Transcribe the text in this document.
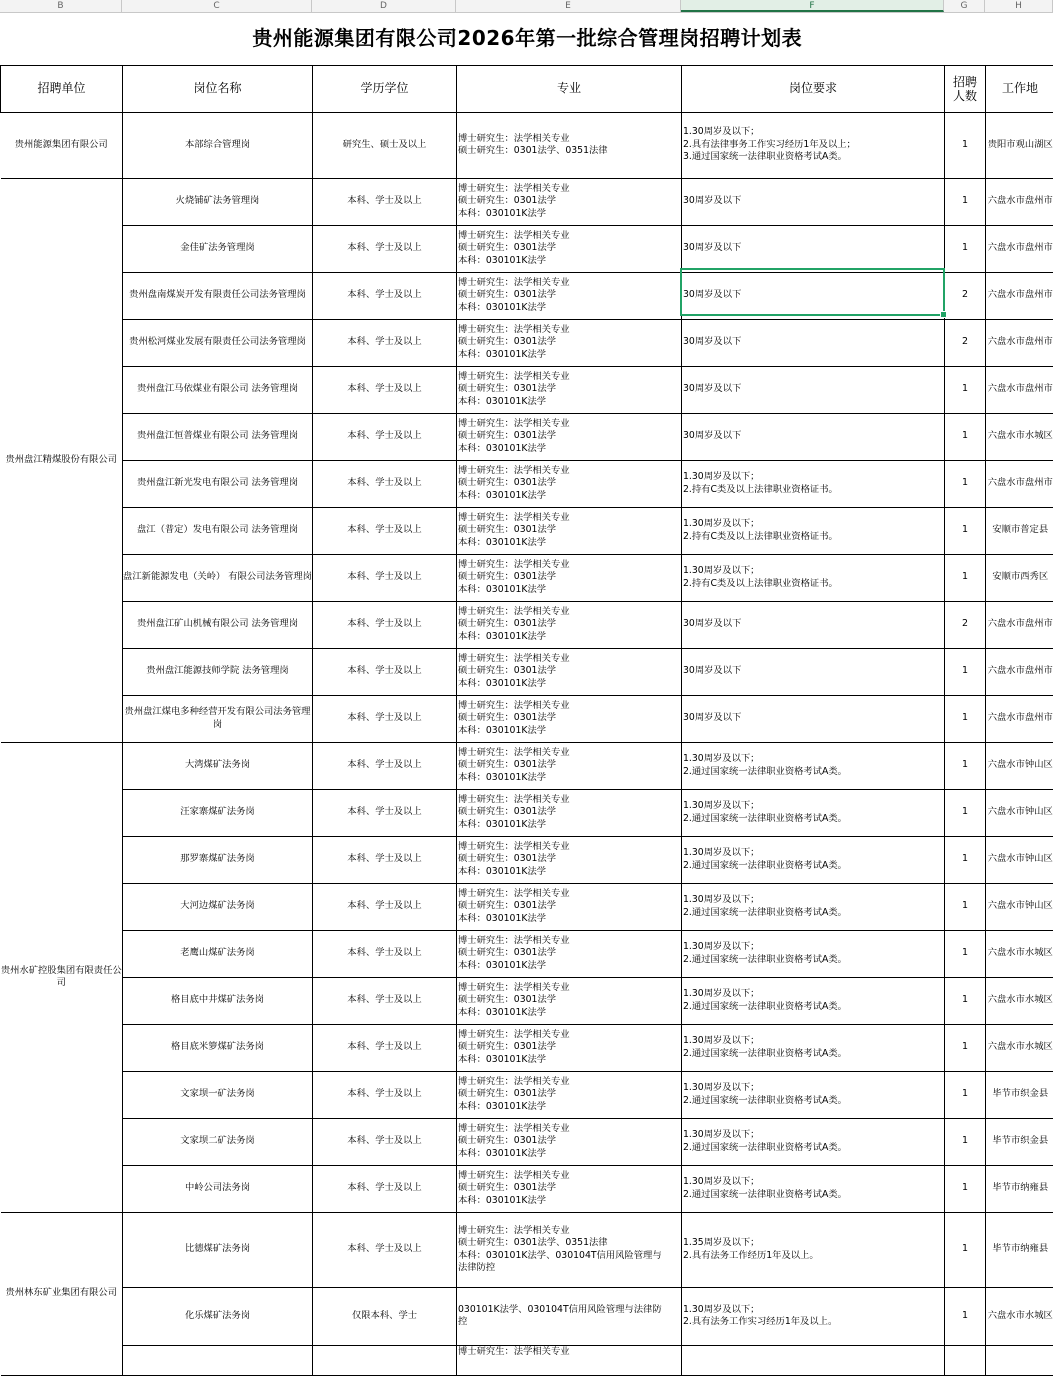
B	C	D	E	F	G	H
贵州能源集团有限公司2026年第一批综合管理岗招聘计划表						
招聘单位	岗位名称	学历学位	专业	岗位要求	招聘人数	工作地
贵州能源集团有限公司	本部综合管理岗	研究生、硕士及以上	博士研究生：法学相关专业
硕士研究生：0301法学、0351法律	1.30周岁及以下；
2.具有法律事务工作实习经历1年及以上；
3.通过国家统一法律职业资格考试A类。	1	贵阳市观山湖区
贵州盘江精煤股份有限公司	火烧铺矿法务管理岗	本科、学士及以上	博士研究生：法学相关专业
硕士研究生：0301法学
本科：030101K法学	30周岁及以下	1	六盘水市盘州市
	金佳矿法务管理岗	本科、学士及以上	博士研究生：法学相关专业
硕士研究生：0301法学
本科：030101K法学	30周岁及以下	1	六盘水市盘州市
	贵州盘南煤炭开发有限责任公司法务管理岗	本科、学士及以上	博士研究生：法学相关专业
硕士研究生：0301法学
本科：030101K法学	30周岁及以下	2	六盘水市盘州市
	贵州松河煤业发展有限责任公司法务管理岗	本科、学士及以上	博士研究生：法学相关专业
硕士研究生：0301法学
本科：030101K法学	30周岁及以下	2	六盘水市盘州市
	贵州盘江马依煤业有限公司 法务管理岗	本科、学士及以上	博士研究生：法学相关专业
硕士研究生：0301法学
本科：030101K法学	30周岁及以下	1	六盘水市盘州市
	贵州盘江恒普煤业有限公司 法务管理岗	本科、学士及以上	博士研究生：法学相关专业
硕士研究生：0301法学
本科：030101K法学	30周岁及以下	1	六盘水市水城区
	贵州盘江新光发电有限公司 法务管理岗	本科、学士及以上	博士研究生：法学相关专业
硕士研究生：0301法学
本科：030101K法学	1.30周岁及以下；
2.持有C类及以上法律职业资格证书。	1	六盘水市盘州市
	盘江（普定）发电有限公司 法务管理岗	本科、学士及以上	博士研究生：法学相关专业
硕士研究生：0301法学
本科：030101K法学	1.30周岁及以下；
2.持有C类及以上法律职业资格证书。	1	安顺市普定县
	盘江新能源发电（关岭） 有限公司法务管理岗	本科、学士及以上	博士研究生：法学相关专业
硕士研究生：0301法学
本科：030101K法学	1.30周岁及以下；
2.持有C类及以上法律职业资格证书。	1	安顺市西秀区
	贵州盘江矿山机械有限公司 法务管理岗	本科、学士及以上	博士研究生：法学相关专业
硕士研究生：0301法学
本科：030101K法学	30周岁及以下	2	六盘水市盘州市
	贵州盘江能源技师学院 法务管理岗	本科、学士及以上	博士研究生：法学相关专业
硕士研究生：0301法学
本科：030101K法学	30周岁及以下	1	六盘水市盘州市
	贵州盘江煤电多种经营开发有限公司法务管理岗	本科、学士及以上	博士研究生：法学相关专业
硕士研究生：0301法学
本科：030101K法学	30周岁及以下	1	六盘水市盘州市
贵州水矿控股集团有限责任公司	大湾煤矿法务岗	本科、学士及以上	博士研究生：法学相关专业
硕士研究生：0301法学
本科：030101K法学	1.30周岁及以下；
2.通过国家统一法律职业资格考试A类。	1	六盘水市钟山区
	汪家寨煤矿法务岗	本科、学士及以上	博士研究生：法学相关专业
硕士研究生：0301法学
本科：030101K法学	1.30周岁及以下；
2.通过国家统一法律职业资格考试A类。	1	六盘水市钟山区
	那罗寨煤矿法务岗	本科、学士及以上	博士研究生：法学相关专业
硕士研究生：0301法学
本科：030101K法学	1.30周岁及以下；
2.通过国家统一法律职业资格考试A类。	1	六盘水市钟山区
	大河边煤矿法务岗	本科、学士及以上	博士研究生：法学相关专业
硕士研究生：0301法学
本科：030101K法学	1.30周岁及以下；
2.通过国家统一法律职业资格考试A类。	1	六盘水市钟山区
	老鹰山煤矿法务岗	本科、学士及以上	博士研究生：法学相关专业
硕士研究生：0301法学
本科：030101K法学	1.30周岁及以下；
2.通过国家统一法律职业资格考试A类。	1	六盘水市水城区
	格目底中井煤矿法务岗	本科、学士及以上	博士研究生：法学相关专业
硕士研究生：0301法学
本科：030101K法学	1.30周岁及以下；
2.通过国家统一法律职业资格考试A类。	1	六盘水市水城区
	格目底米箩煤矿法务岗	本科、学士及以上	博士研究生：法学相关专业
硕士研究生：0301法学
本科：030101K法学	1.30周岁及以下；
2.通过国家统一法律职业资格考试A类。	1	六盘水市水城区
	文家坝一矿法务岗	本科、学士及以上	博士研究生：法学相关专业
硕士研究生：0301法学
本科：030101K法学	1.30周岁及以下；
2.通过国家统一法律职业资格考试A类。	1	毕节市织金县
	文家坝二矿法务岗	本科、学士及以上	博士研究生：法学相关专业
硕士研究生：0301法学
本科：030101K法学	1.30周岁及以下；
2.通过国家统一法律职业资格考试A类。	1	毕节市织金县
	中岭公司法务岗	本科、学士及以上	博士研究生：法学相关专业
硕士研究生：0301法学
本科：030101K法学	1.30周岁及以下；
2.通过国家统一法律职业资格考试A类。	1	毕节市纳雍县
贵州林东矿业集团有限公司	比德煤矿法务岗	本科、学士及以上	博士研究生：法学相关专业
硕士研究生：0301法学、0351法律
本科：030101K法学、030104T信用风险管理与
法律防控	1.35周岁及以下；
2.具有法务工作经历1年及以上。	1	毕节市纳雍县
	化乐煤矿法务岗	仅限本科、学士	030101K法学、030104T信用风险管理与法律防
控	1.30周岁及以下；
2.具有法务工作实习经历1年及以上。	1	六盘水市水城区
			博士研究生：法学相关专业			
